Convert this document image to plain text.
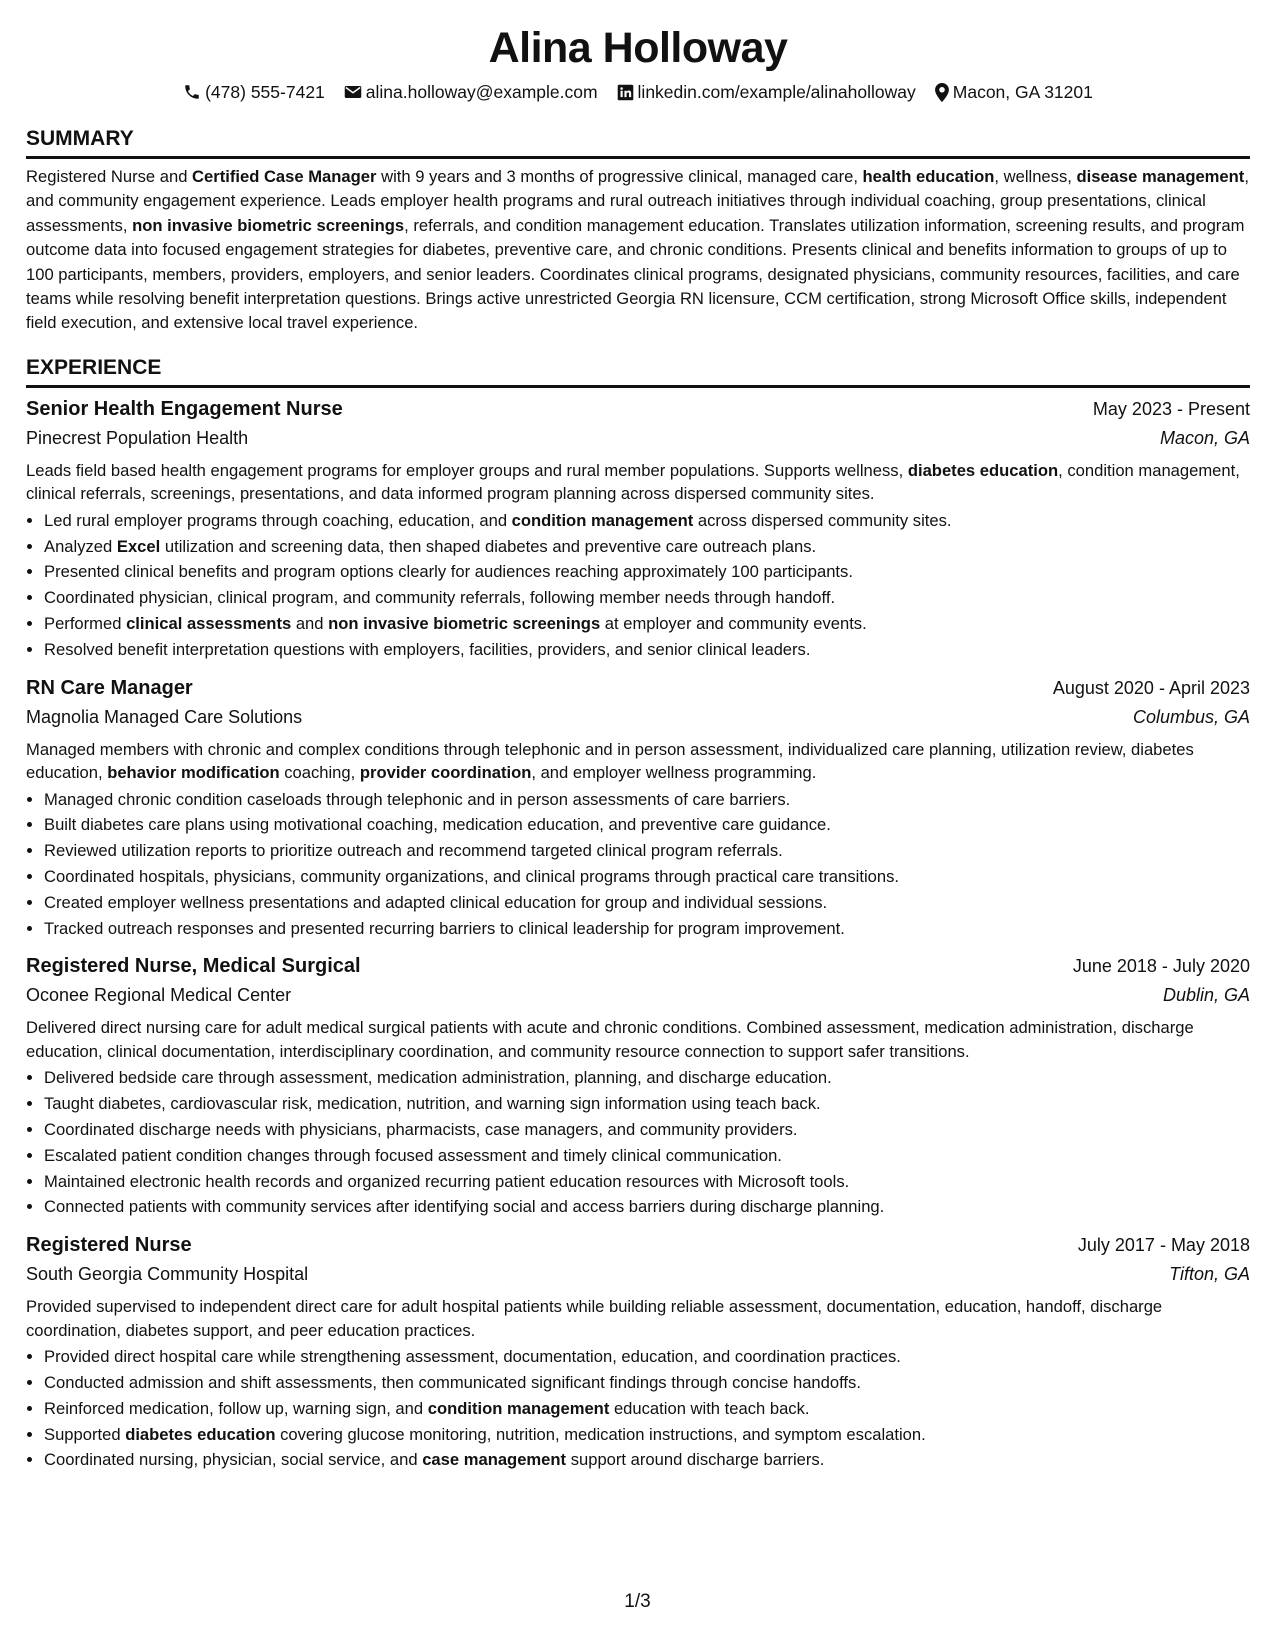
Alina Holloway
(478) 555-7421 alina.holloway@example.com linkedin.com/example/alinaholloway Macon, GA 31201
SUMMARY

Registered Nurse and Certified Case Manager with 9 years and 3 months of progressive clinical, managed care, health education, wellness, disease management, and community engagement experience. Leads employer health programs and rural outreach initiatives through individual coaching, group presentations, clinical assessments, non invasive biometric screenings, referrals, and condition management education. Translates utilization information, screening results, and program outcome data into focused engagement strategies for diabetes, preventive care, and chronic conditions. Presents clinical and benefits information to groups of up to 100 participants, members, providers, employers, and senior leaders. Coordinates clinical programs, designated physicians, community resources, facilities, and care teams while resolving benefit interpretation questions. Brings active unrestricted Georgia RN licensure, CCM certification, strong Microsoft Office skills, independent field execution, and extensive local travel experience.

EXPERIENCE
Senior Health Engagement Nurse	May 2023 - Present
Pinecrest Population Health	Macon, GA
Leads field based health engagement programs for employer groups and rural member populations. Supports wellness, diabetes education, condition management, clinical referrals, screenings, presentations, and data informed program planning across dispersed community sites.
• Led rural employer programs through coaching, education, and condition management across dispersed community sites.
• Analyzed Excel utilization and screening data, then shaped diabetes and preventive care outreach plans.
• Presented clinical benefits and program options clearly for audiences reaching approximately 100 participants.
• Coordinated physician, clinical program, and community referrals, following member needs through handoff.
• Performed clinical assessments and non invasive biometric screenings at employer and community events.
• Resolved benefit interpretation questions with employers, facilities, providers, and senior clinical leaders.
RN Care Manager	August 2020 - April 2023
Magnolia Managed Care Solutions	Columbus, GA
Managed members with chronic and complex conditions through telephonic and in person assessment, individualized care planning, utilization review, diabetes education, behavior modification coaching, provider coordination, and employer wellness programming.
• Managed chronic condition caseloads through telephonic and in person assessments of care barriers.
• Built diabetes care plans using motivational coaching, medication education, and preventive care guidance.
• Reviewed utilization reports to prioritize outreach and recommend targeted clinical program referrals.
• Coordinated hospitals, physicians, community organizations, and clinical programs through practical care transitions.
• Created employer wellness presentations and adapted clinical education for group and individual sessions.
• Tracked outreach responses and presented recurring barriers to clinical leadership for program improvement.
Registered Nurse, Medical Surgical	June 2018 - July 2020
Oconee Regional Medical Center	Dublin, GA
Delivered direct nursing care for adult medical surgical patients with acute and chronic conditions. Combined assessment, medication administration, discharge education, clinical documentation, interdisciplinary coordination, and community resource connection to support safer transitions.
• Delivered bedside care through assessment, medication administration, planning, and discharge education.
• Taught diabetes, cardiovascular risk, medication, nutrition, and warning sign information using teach back.
• Coordinated discharge needs with physicians, pharmacists, case managers, and community providers.
• Escalated patient condition changes through focused assessment and timely clinical communication.
• Maintained electronic health records and organized recurring patient education resources with Microsoft tools.
• Connected patients with community services after identifying social and access barriers during discharge planning.
Registered Nurse	July 2017 - May 2018
South Georgia Community Hospital	Tifton, GA
Provided supervised to independent direct care for adult hospital patients while building reliable assessment, documentation, education, handoff, discharge coordination, diabetes support, and peer education practices.
• Provided direct hospital care while strengthening assessment, documentation, education, and coordination practices.
• Conducted admission and shift assessments, then communicated significant findings through concise handoffs.
• Reinforced medication, follow up, warning sign, and condition management education with teach back.
• Supported diabetes education covering glucose monitoring, nutrition, medication instructions, and symptom escalation.
• Coordinated nursing, physician, social service, and case management support around discharge barriers.
1/3
